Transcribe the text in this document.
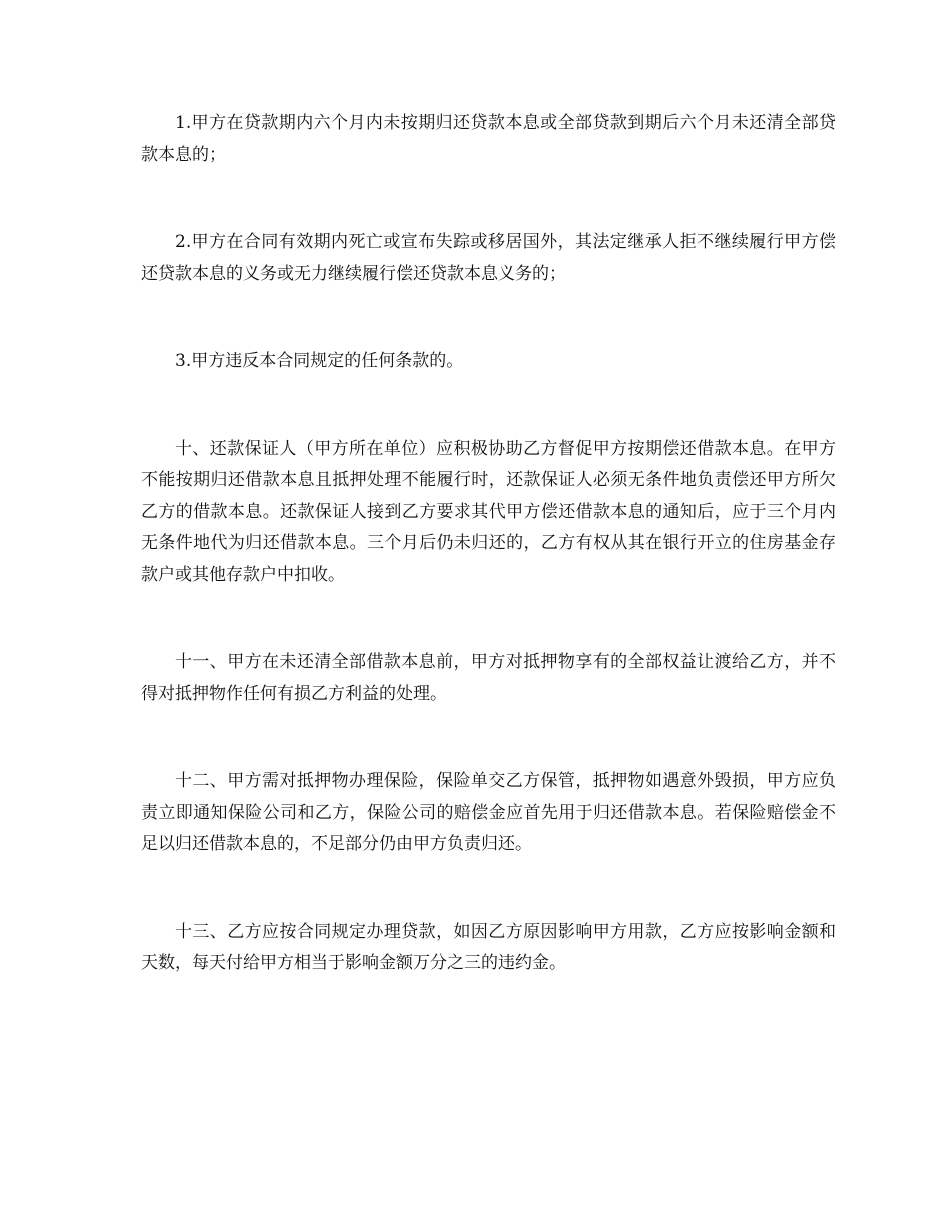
1.甲方在贷款期内六个月内未按期归还贷款本息或全部贷款到期后六个月未还清全部贷款本息的；

2.甲方在合同有效期内死亡或宣布失踪或移居国外，其法定继承人拒不继续履行甲方偿还贷款本息的义务或无力继续履行偿还贷款本息义务的；

3.甲方违反本合同规定的任何条款的。

十、还款保证人（甲方所在单位）应积极协助乙方督促甲方按期偿还借款本息。在甲方不能按期归还借款本息且抵押处理不能履行时，还款保证人必须无条件地负责偿还甲方所欠乙方的借款本息。还款保证人接到乙方要求其代甲方偿还借款本息的通知后，应于三个月内无条件地代为归还借款本息。三个月后仍未归还的，乙方有权从其在银行开立的住房基金存款户或其他存款户中扣收。

十一、甲方在未还清全部借款本息前，甲方对抵押物享有的全部权益让渡给乙方，并不得对抵押物作任何有损乙方利益的处理。

十二、甲方需对抵押物办理保险，保险单交乙方保管，抵押物如遇意外毁损，甲方应负责立即通知保险公司和乙方，保险公司的赔偿金应首先用于归还借款本息。若保险赔偿金不足以归还借款本息的，不足部分仍由甲方负责归还。

十三、乙方应按合同规定办理贷款，如因乙方原因影响甲方用款，乙方应按影响金额和天数，每天付给甲方相当于影响金额万分之三的违约金。
